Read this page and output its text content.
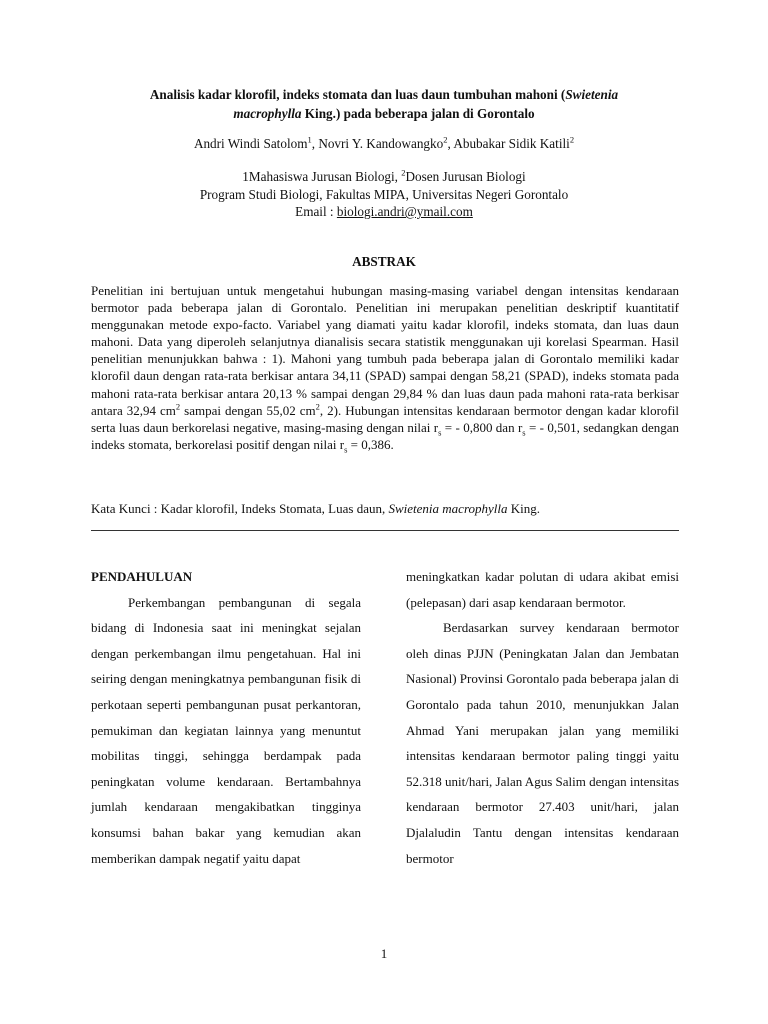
Analisis kadar klorofil, indeks stomata dan luas daun tumbuhan mahoni (Swietenia
macrophylla King.) pada beberapa jalan di Gorontalo
Andri Windi Satolom$^1$, Novri Y. Kandowangko$^2$, Abubakar Sidik Katili$^2$
1Mahasiswa Jurusan Biologi, $^2$Dosen Jurusan Biologi
Program Studi Biologi, Fakultas MIPA, Universitas Negeri Gorontalo
Email : biologi.andri@ymail.com
ABSTRAK

Penelitian ini bertujuan untuk mengetahui hubungan masing-masing variabel dengan intensitas kendaraan bermotor pada beberapa jalan di Gorontalo. Penelitian ini merupakan penelitian deskriptif kuantitatif menggunakan metode expo-facto. Variabel yang diamati yaitu kadar klorofil, indeks stomata, dan luas daun mahoni. Data yang diperoleh selanjutnya dianalisis secara statistik menggunakan uji korelasi Spearman. Hasil penelitian menunjukkan bahwa : 1). Mahoni yang tumbuh pada beberapa jalan di Gorontalo memiliki kadar klorofil daun dengan rata-rata berkisar antara 34,11 (SPAD) sampai dengan 58,21 (SPAD), indeks stomata pada mahoni rata-rata berkisar antara 20,13 % sampai dengan 29,84 % dan luas daun pada mahoni rata-rata berkisar antara 32,94 $cm^2$ sampai dengan 55,02 $cm^2$, 2). Hubungan intensitas kendaraan bermotor dengan kadar klorofil serta luas daun berkorelasi negative, masing-masing dengan nilai $r_s$ = - 0,800 dan $r_s$ = - 0,501, sedangkan dengan indeks stomata, berkorelasi positif dengan nilai $r_s = 0,386$.

Kata Kunci : Kadar klorofil, Indeks Stomata, Luas daun, Swietenia macrophylla King.

PENDAHULUAN

Perkembangan pembangunan di segala bidang di Indonesia saat ini meningkat sejalan dengan perkembangan ilmu pengetahuan. Hal ini seiring dengan meningkatnya pembangunan fisik di perkotaan seperti pembangunan pusat perkantoran, pemukiman dan kegiatan lainnya yang menuntut mobilitas tinggi, sehingga berdampak pada peningkatan volume kendaraan. Bertambahnya jumlah kendaraan mengakibatkan tingginya konsumsi bahan bakar yang kemudian akan memberikan dampak negatif yaitu dapat

meningkatkan kadar polutan di udara akibat emisi (pelepasan) dari asap kendaraan bermotor.

Berdasarkan survey kendaraan bermotor oleh dinas PJJN (Peningkatan Jalan dan Jembatan Nasional) Provinsi Gorontalo pada beberapa jalan di Gorontalo pada tahun 2010, menunjukkan Jalan Ahmad Yani merupakan jalan yang memiliki intensitas kendaraan bermotor paling tinggi yaitu 52.318 unit/hari, Jalan Agus Salim dengan intensitas kendaraan bermotor 27.403 unit/hari, jalan Djalaludin Tantu dengan intensitas kendaraan bermotor

1
